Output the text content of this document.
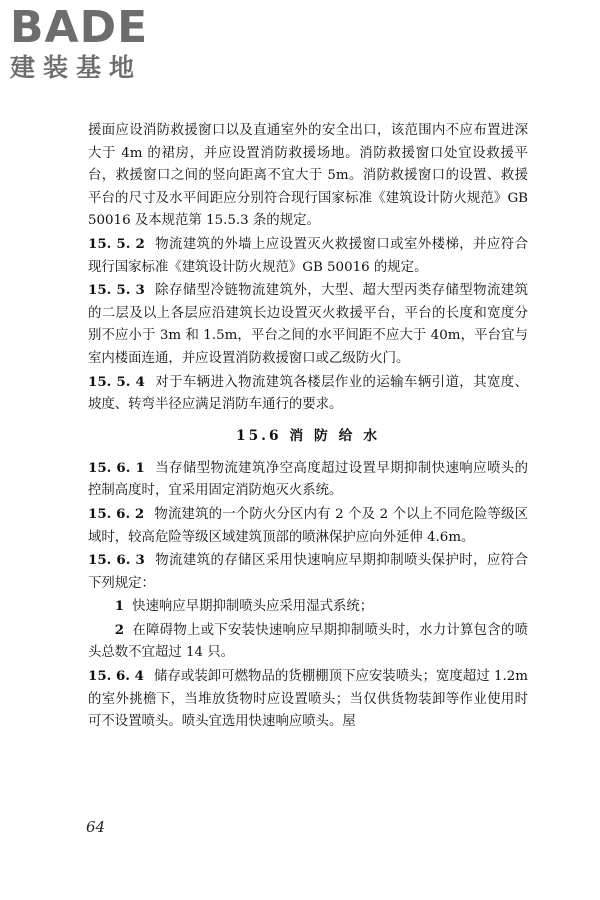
BADE
建装基地

援面应设消防救援窗口以及直通室外的安全出口，该范围内不应布置进深大于 4m 的裙房，并应设置消防救援场地。消防救援窗口处宜设救援平台，救援窗口之间的竖向距离不宜大于 5m。消防救援窗口的设置、救援平台的尺寸及水平间距应分别符合现行国家标准《建筑设计防火规范》GB 50016 及本规范第 15.5.3 条的规定。

15. 5. 2 物流建筑的外墙上应设置灭火救援窗口或室外楼梯，并应符合现行国家标准《建筑设计防火规范》GB 50016 的规定。

15. 5. 3 除存储型冷链物流建筑外，大型、超大型丙类存储型物流建筑的二层及以上各层应沿建筑长边设置灭火救援平台，平台的长度和宽度分别不应小于 3m 和 1.5m，平台之间的水平间距不应大于 40m，平台宜与室内楼面连通，并应设置消防救援窗口或乙级防火门。

15. 5. 4 对于车辆进入物流建筑各楼层作业的运输车辆引道，其宽度、坡度、转弯半径应满足消防车通行的要求。

15.6 消 防 给 水

15. 6. 1 当存储型物流建筑净空高度超过设置早期抑制快速响应喷头的控制高度时，宜采用固定消防炮灭火系统。

15. 6. 2 物流建筑的一个防火分区内有 2 个及 2 个以上不同危险等级区域时，较高危险等级区域建筑顶部的喷淋保护应向外延伸 4.6m。

15. 6. 3 物流建筑的存储区采用快速响应早期抑制喷头保护时，应符合下列规定：

1 快速响应早期抑制喷头应采用湿式系统；

2 在障碍物上或下安装快速响应早期抑制喷头时，水力计算包含的喷头总数不宜超过 14 只。

15. 6. 4 储存或装卸可燃物品的货棚棚顶下应安装喷头；宽度超过 1.2m 的室外挑檐下，当堆放货物时应设置喷头；当仅供货物装卸等作业使用时可不设置喷头。喷头宜选用快速响应喷头。屋

64
